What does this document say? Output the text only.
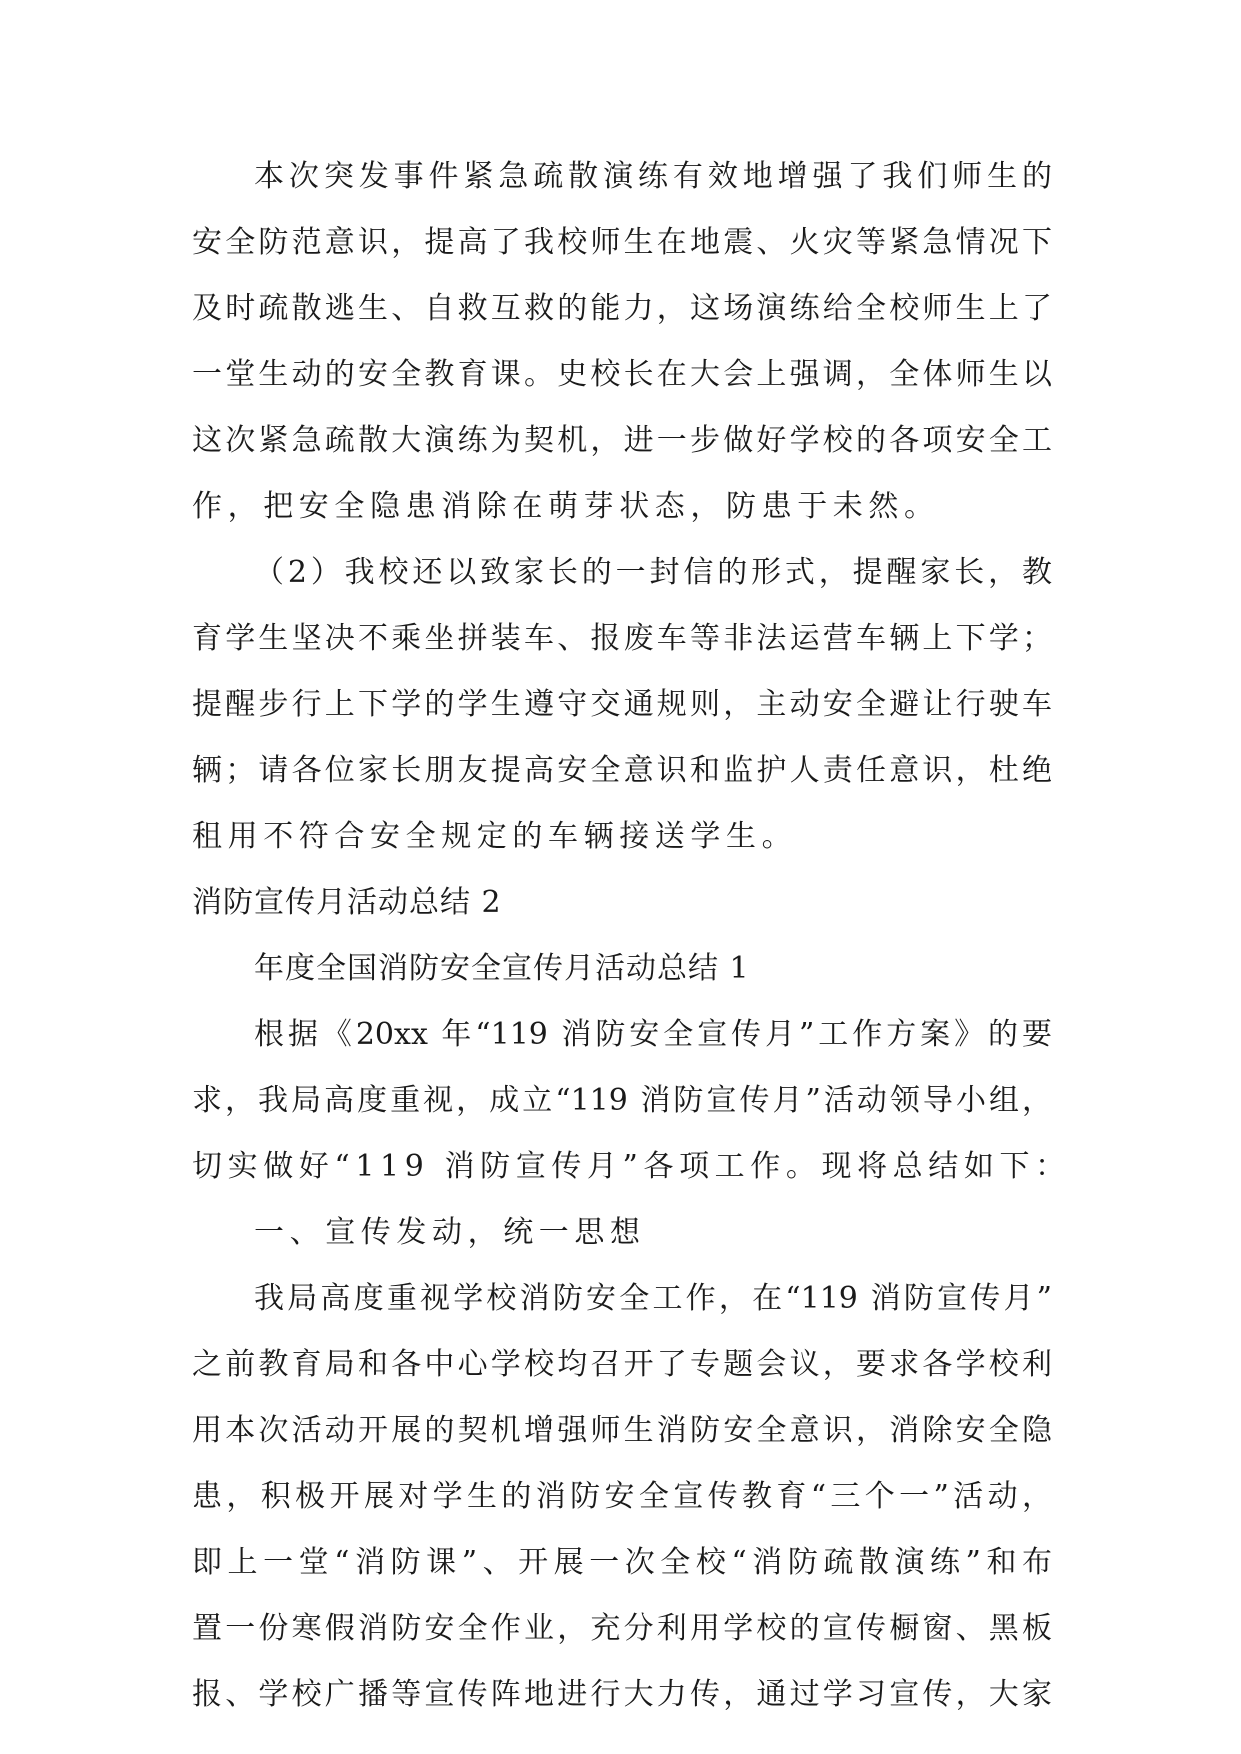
本次突发事件紧急疏散演练有效地增强了我们师生的
安全防范意识，提高了我校师生在地震、火灾等紧急情况下
及时疏散逃生、自救互救的能力，这场演练给全校师生上了
一堂生动的安全教育课。史校长在大会上强调，全体师生以
这次紧急疏散大演练为契机，进一步做好学校的各项安全工
作，把安全隐患消除在萌芽状态，防患于未然。
（2）我校还以致家长的一封信的形式，提醒家长，教
育学生坚决不乘坐拼装车、报废车等非法运营车辆上下学；
提醒步行上下学的学生遵守交通规则，主动安全避让行驶车
辆；请各位家长朋友提高安全意识和监护人责任意识，杜绝
租用不符合安全规定的车辆接送学生。
消防宣传月活动总结 2
年度全国消防安全宣传月活动总结 1
根据《20xx 年“119 消防安全宣传月”工作方案》的要
求，我局高度重视，成立“119 消防宣传月”活动领导小组，
切实做好“119 消防宣传月”各项工作。现将总结如下：
一、宣传发动，统一思想
我局高度重视学校消防安全工作，在“119 消防宣传月”
之前教育局和各中心学校均召开了专题会议，要求各学校利
用本次活动开展的契机增强师生消防安全意识，消除安全隐
患，积极开展对学生的消防安全宣传教育“三个一”活动，
即上一堂“消防课”、开展一次全校“消防疏散演练”和布
置一份寒假消防安全作业，充分利用学校的宣传橱窗、黑板
报、学校广播等宣传阵地进行大力传，通过学习宣传，大家
